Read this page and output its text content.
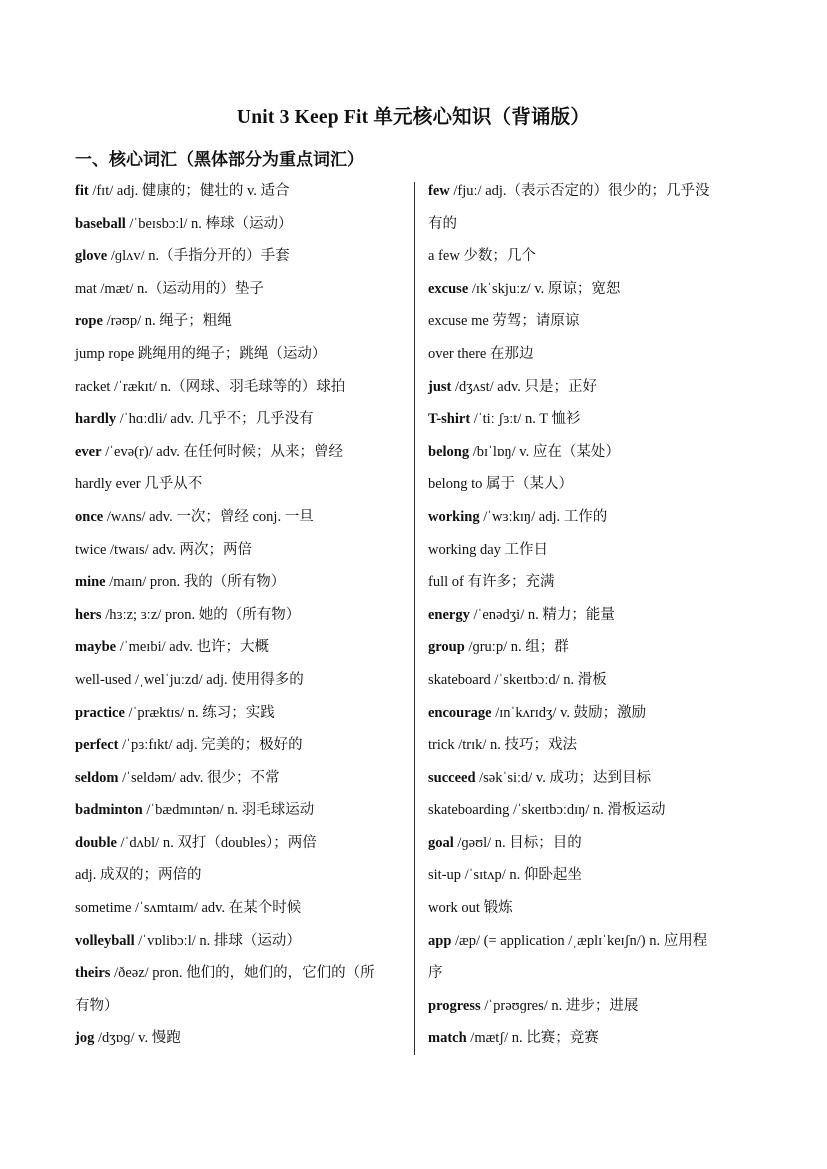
Unit 3 Keep Fit 单元核心知识（背诵版）
一、核心词汇（黑体部分为重点词汇）
fit /fɪt/ adj. 健康的；健壮的 v. 适合
baseball /ˈbeɪsbɔːl/ n. 棒球（运动）
glove /ɡlʌv/ n.（手指分开的）手套
mat /mæt/ n.（运动用的）垫子
rope /rəʊp/ n. 绳子；粗绳
jump rope 跳绳用的绳子；跳绳（运动）
racket /ˈrækɪt/ n.（网球、羽毛球等的）球拍
hardly /ˈhɑːdli/ adv. 几乎不；几乎没有
ever /ˈevə(r)/ adv. 在任何时候；从来；曾经
hardly ever 几乎从不
once /wʌns/ adv. 一次；曾经 conj. 一旦
twice /twaɪs/ adv. 两次；两倍
mine /maɪn/ pron. 我的（所有物）
hers /hɜːz; ɜːz/ pron. 她的（所有物）
maybe /ˈmeɪbi/ adv. 也许；大概
well-used /ˌwelˈjuːzd/ adj. 使用得多的
practice /ˈpræktɪs/ n. 练习；实践
perfect /ˈpɜːfɪkt/ adj. 完美的；极好的
seldom /ˈseldəm/ adv. 很少；不常
badminton /ˈbædmɪntən/ n. 羽毛球运动
double /ˈdʌbl/ n. 双打（doubles）；两倍
adj. 成双的；两倍的
sometime /ˈsʌmtaɪm/ adv. 在某个时候
volleyball /ˈvɒlibɔːl/ n. 排球（运动）
theirs /ðeəz/ pron. 他们的，她们的，它们的（所
有物）
jog /dʒɒɡ/ v. 慢跑
few /fjuː/ adj.（表示否定的）很少的；几乎没
有的
a few 少数；几个
excuse /ɪkˈskjuːz/ v. 原谅；宽恕
excuse me 劳驾；请原谅
over there 在那边
just /dʒʌst/ adv. 只是；正好
T-shirt /ˈtiː ʃɜːt/ n. T 恤衫
belong /bɪˈlɒŋ/ v. 应在（某处）
belong to 属于（某人）
working /ˈwɜːkɪŋ/ adj. 工作的
working day 工作日
full of 有许多；充满
energy /ˈenədʒi/ n. 精力；能量
group /ɡruːp/ n. 组；群
skateboard /ˈskeɪtbɔːd/ n. 滑板
encourage /ɪnˈkʌrɪdʒ/ v. 鼓励；激励
trick /trɪk/ n. 技巧；戏法
succeed /səkˈsiːd/ v. 成功；达到目标
skateboarding /ˈskeɪtbɔːdɪŋ/ n. 滑板运动
goal /ɡəʊl/ n. 目标；目的
sit-up /ˈsɪtʌp/ n. 仰卧起坐
work out 锻炼
app /æp/ (= application /ˌæplɪˈkeɪʃn/) n. 应用程
序
progress /ˈprəʊɡres/ n. 进步；进展
match /mætʃ/ n. 比赛；竞赛
